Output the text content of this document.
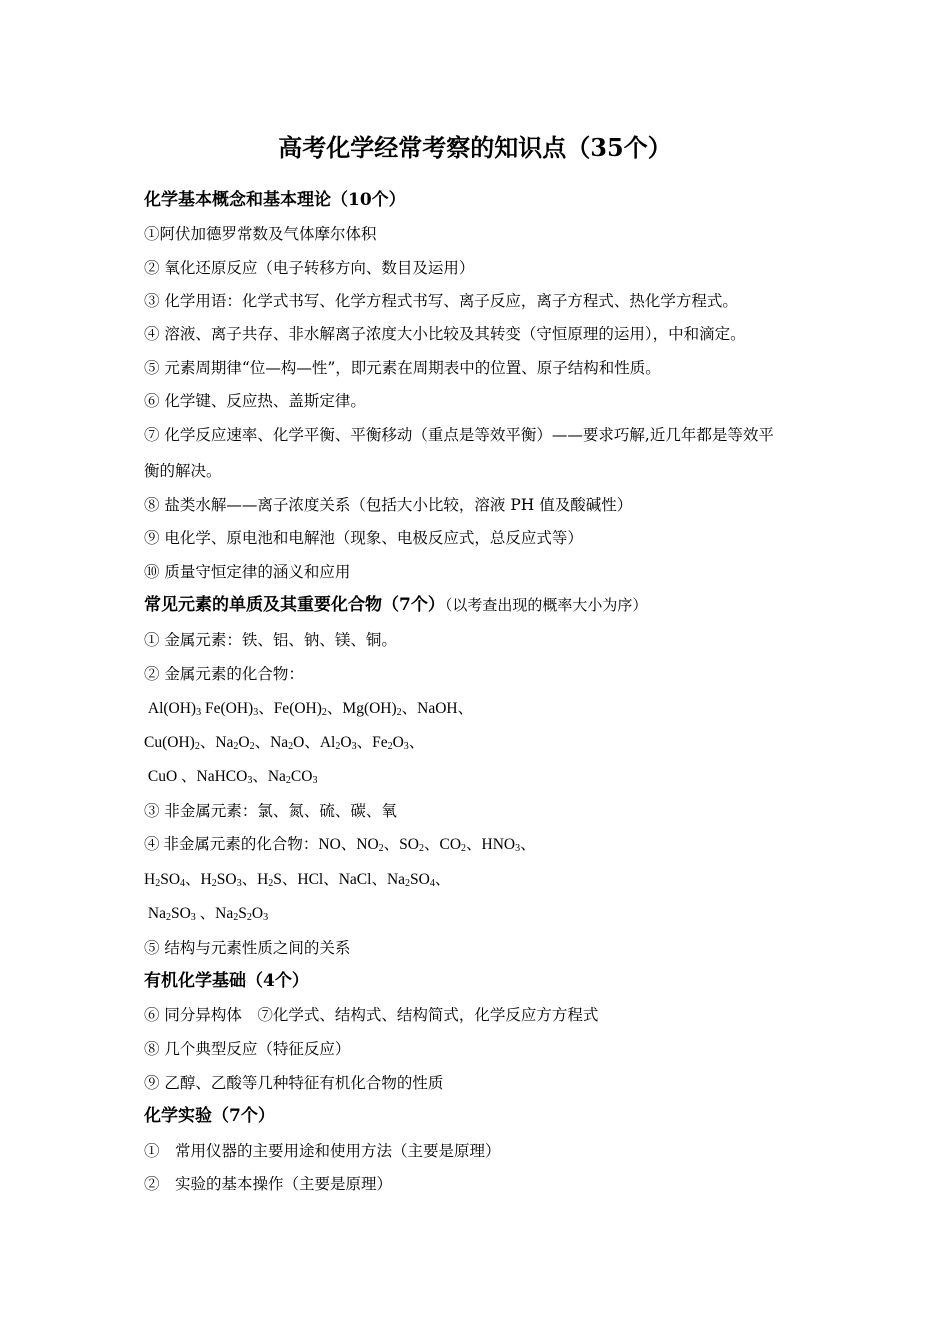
高考化学经常考察的知识点（35个）
化学基本概念和基本理论（10个）
①阿伏加德罗常数及气体摩尔体积
② 氧化还原反应（电子转移方向、数目及运用）
③ 化学用语：化学式书写、化学方程式书写、离子反应，离子方程式、热化学方程式。
④ 溶液、离子共存、非水解离子浓度大小比较及其转变（守恒原理的运用），中和滴定。
⑤ 元素周期律“位—构—性”，即元素在周期表中的位置、原子结构和性质。
⑥ 化学键、反应热、盖斯定律。
⑦ 化学反应速率、化学平衡、平衡移动（重点是等效平衡）——要求巧解,近几年都是等效平
衡的解决。
⑧ 盐类水解——离子浓度关系（包括大小比较，溶液 PH 值及酸碱性）
⑨ 电化学、原电池和电解池（现象、电极反应式，总反应式等）
⑩ 质量守恒定律的涵义和应用
常见元素的单质及其重要化合物（7个）（以考查出现的概率大小为序）
① 金属元素：铁、铝、钠、镁、铜。
② 金属元素的化合物：
$Al(OH)_3$ $Fe(OH)_3$、$Fe(OH)_2$、$Mg(OH)_2$、NaOH、
$Cu(OH)_2$、$Na_2O_2$、$Na_2O$、$Al_2O_3$、$Fe_2O_3$、
CuO 、NaHCO$_3$、$Na_2CO_3$
③ 非金属元素：氯、氮、硫、碳、氧
④ 非金属元素的化合物：NO、$NO_2$、$SO_2$、$CO_2$、$HNO_3$、
$H_2SO_4$、$H_2SO_3$、$H_2S$、HCl、NaCl、$Na_2SO_4$、
$Na_2SO_3$ 、$Na_2S_2O_3$
⑤ 结构与元素性质之间的关系
有机化学基础（4个）
⑥ 同分异构体　⑦化学式、结构式、结构简式，化学反应方方程式
⑧ 几个典型反应（特征反应）
⑨ 乙醇、乙酸等几种特征有机化合物的性质
化学实验（7个）
①　常用仪器的主要用途和使用方法（主要是原理）
②　实验的基本操作（主要是原理）
